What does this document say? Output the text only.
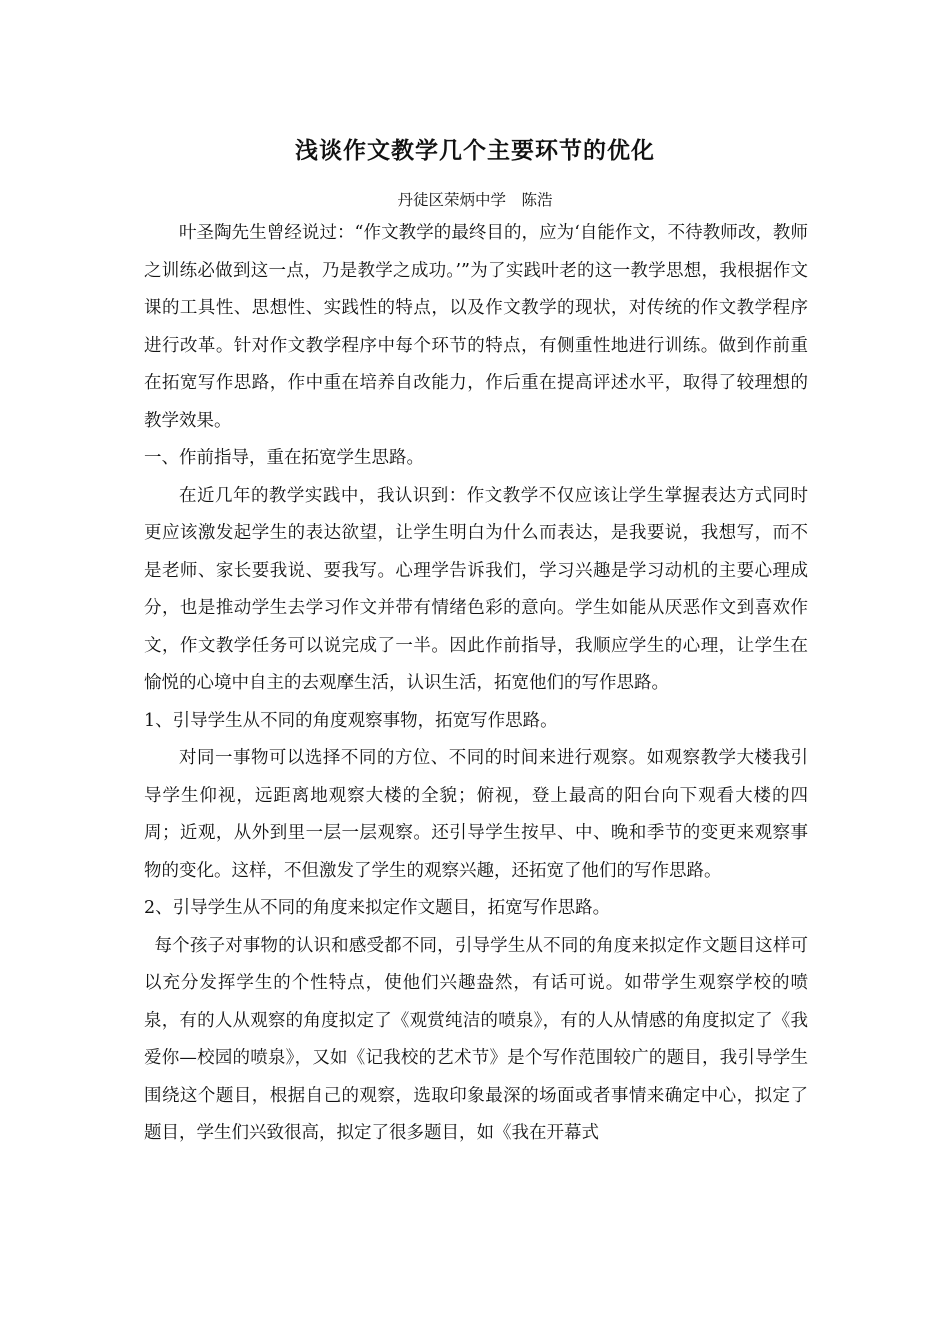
浅谈作文教学几个主要环节的优化
丹徒区荣炳中学　陈浩

叶圣陶先生曾经说过：“作文教学的最终目的，应为‘自能作文，不待教师改，教师之训练必做到这一点，乃是教学之成功。’”为了实践叶老的这一教学思想，我根据作文课的工具性、思想性、实践性的特点，以及作文教学的现状，对传统的作文教学程序进行改革。针对作文教学程序中每个环节的特点，有侧重性地进行训练。做到作前重在拓宽写作思路，作中重在培养自改能力，作后重在提高评述水平，取得了较理想的教学效果。

一、作前指导，重在拓宽学生思路。

在近几年的教学实践中，我认识到：作文教学不仅应该让学生掌握表达方式同时更应该激发起学生的表达欲望，让学生明白为什么而表达，是我要说，我想写，而不是老师、家长要我说、要我写。心理学告诉我们，学习兴趣是学习动机的主要心理成分，也是推动学生去学习作文并带有情绪色彩的意向。学生如能从厌恶作文到喜欢作文，作文教学任务可以说完成了一半。因此作前指导，我顺应学生的心理，让学生在愉悦的心境中自主的去观摩生活，认识生活，拓宽他们的写作思路。

1、引导学生从不同的角度观察事物，拓宽写作思路。

对同一事物可以选择不同的方位、不同的时间来进行观察。如观察教学大楼我引导学生仰视，远距离地观察大楼的全貌；俯视，登上最高的阳台向下观看大楼的四周；近观，从外到里一层一层观察。还引导学生按早、中、晚和季节的变更来观察事物的变化。这样，不但激发了学生的观察兴趣，还拓宽了他们的写作思路。

2、引导学生从不同的角度来拟定作文题目，拓宽写作思路。

每个孩子对事物的认识和感受都不同，引导学生从不同的角度来拟定作文题目这样可以充分发挥学生的个性特点，使他们兴趣盎然，有话可说。如带学生观察学校的喷泉，有的人从观察的角度拟定了《观赏纯洁的喷泉》，有的人从情感的角度拟定了《我爱你—校园的喷泉》，又如《记我校的艺术节》是个写作范围较广的题目，我引导学生围绕这个题目，根据自己的观察，选取印象最深的场面或者事情来确定中心，拟定了题目，学生们兴致很高，拟定了很多题目，如《我在开幕式
